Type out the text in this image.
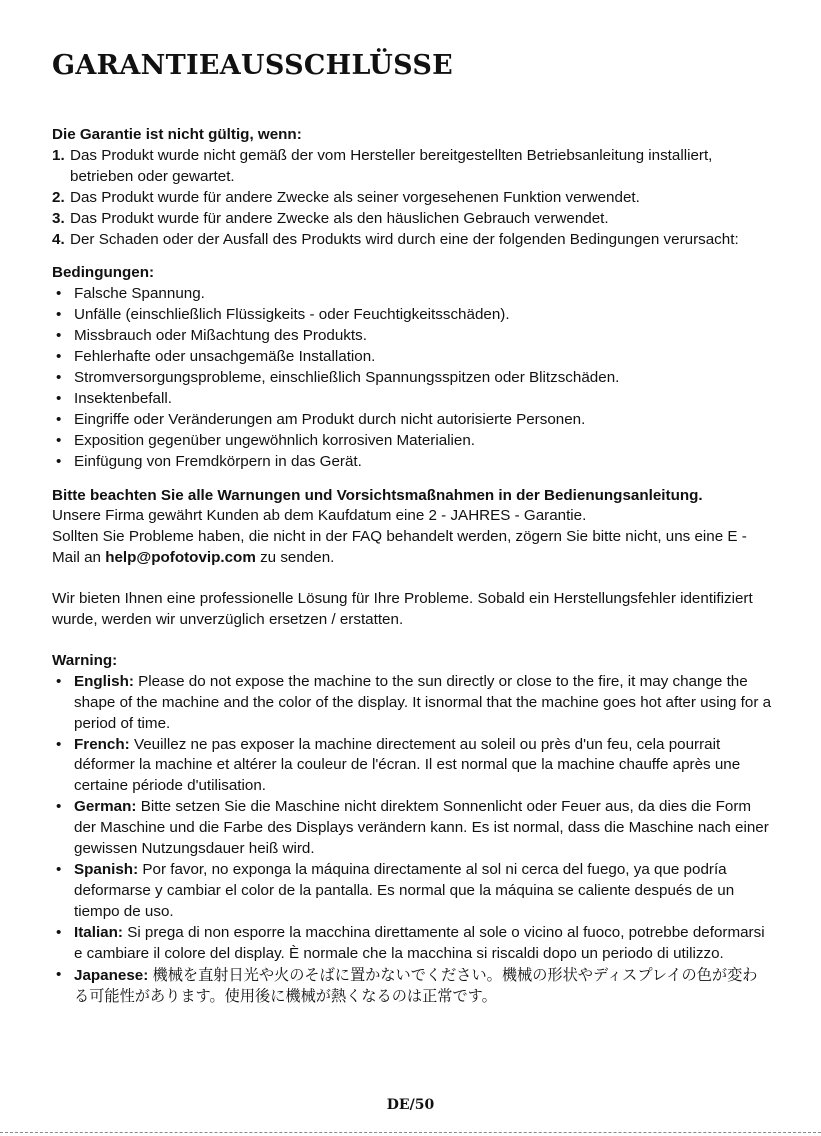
GARANTIEAUSSCHLÜSSE

Die Garantie ist nicht gültig, wenn:

1. Das Produkt wurde nicht gemäß der vom Hersteller bereitgestellten Betriebsanleitung installiert, betrieben oder gewartet.
2. Das Produkt wurde für andere Zwecke als seiner vorgesehenen Funktion verwendet.
3. Das Produkt wurde für andere Zwecke als den häuslichen Gebrauch verwendet.
4. Der Schaden oder der Ausfall des Produkts wird durch eine der folgenden Bedingungen verursacht:

Bedingungen:

• Falsche Spannung.
• Unfälle (einschließlich Flüssigkeits - oder Feuchtigkeitsschäden).
• Missbrauch oder Mißachtung des Produkts.
• Fehlerhafte oder unsachgemäße Installation.
• Stromversorgungsprobleme, einschließlich Spannungsspitzen oder Blitzschäden.
• Insektenbefall.
• Eingriffe oder Veränderungen am Produkt durch nicht autorisierte Personen.
• Exposition gegenüber ungewöhnlich korrosiven Materialien.
• Einfügung von Fremdkörpern in das Gerät.

Bitte beachten Sie alle Warnungen und Vorsichtsmaßnahmen in der Bedienungsanleitung.

Unsere Firma gewährt Kunden ab dem Kaufdatum eine 2 - JAHRES - Garantie.

Sollten Sie Probleme haben, die nicht in der FAQ behandelt werden, zögern Sie bitte nicht, uns eine E - Mail an help@pofotovip.com zu senden.

Wir bieten Ihnen eine professionelle Lösung für Ihre Probleme. Sobald ein Herstellungsfehler identifiziert wurde, werden wir unverzüglich ersetzen / erstatten.

Warning:

• English: Please do not expose the machine to the sun directly or close to the fire, it may change the shape of the machine and the color of the display. It isnormal that the machine goes hot after using for a period of time.
• French: Veuillez ne pas exposer la machine directement au soleil ou près d'un feu, cela pourrait déformer la machine et altérer la couleur de l'écran. Il est normal que la machine chauffe après une certaine période d'utilisation.
• German: Bitte setzen Sie die Maschine nicht direktem Sonnenlicht oder Feuer aus, da dies die Form der Maschine und die Farbe des Displays verändern kann. Es ist normal, dass die Maschine nach einer gewissen Nutzungsdauer heiß wird.
• Spanish: Por favor, no exponga la máquina directamente al sol ni cerca del fuego, ya que podría deformarse y cambiar el color de la pantalla. Es normal que la máquina se caliente después de un tiempo de uso.
• Italian: Si prega di non esporre la macchina direttamente al sole o vicino al fuoco, potrebbe deformarsi e cambiare il colore del display. È normale che la macchina si riscaldi dopo un periodo di utilizzo.
• Japanese: 機械を直射日光や火のそばに置かないでください。機械の形状やディスプレイの色が変わる可能性があります。使用後に機械が熱くなるのは正常です。
DE/50
